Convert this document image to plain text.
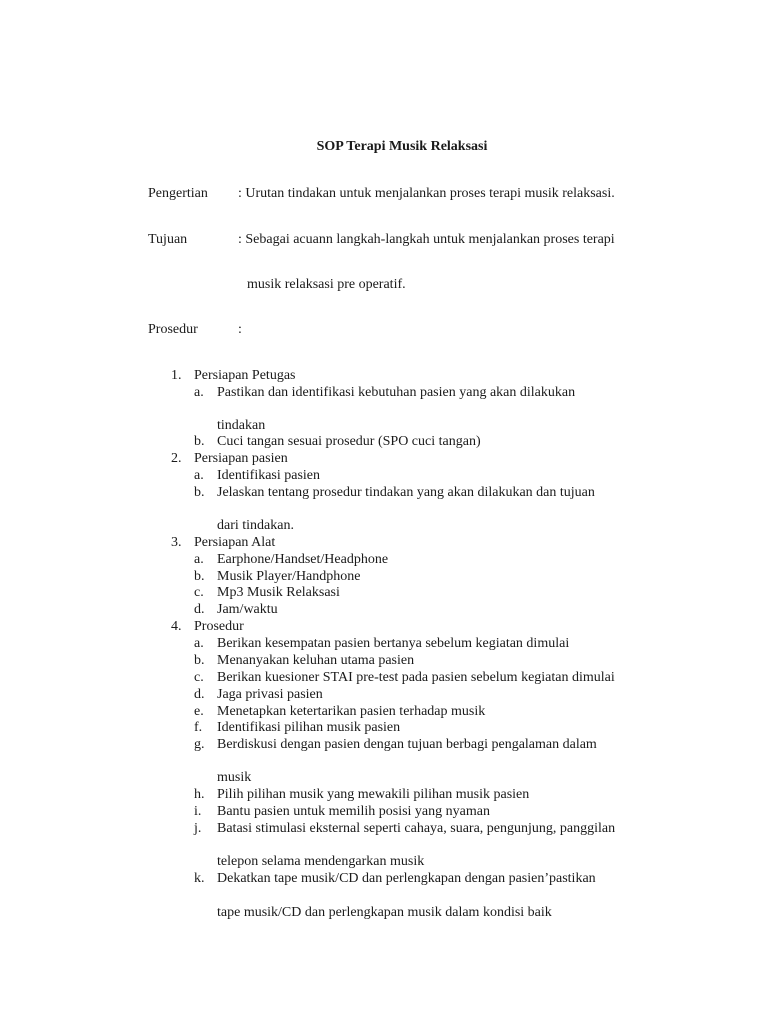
SOP Terapi Musik Relaksasi
Pengertian : Urutan tindakan untuk menjalankan proses terapi musik relaksasi.
Tujuan	: Sebagai acuann langkah-langkah untuk menjalankan proses terapi
musik relaksasi pre operatif.
Prosedur	:
1. Persiapan Petugas
a. Pastikan dan identifikasi kebutuhan pasien yang akan dilakukan
tindakan
b. Cuci tangan sesuai prosedur (SPO cuci tangan)
2. Persiapan pasien
a. Identifikasi pasien
b. Jelaskan tentang prosedur tindakan yang akan dilakukan dan tujuan
dari tindakan.
3. Persiapan Alat
a. Earphone/Handset/Headphone
b. Musik Player/Handphone
c. Mp3 Musik Relaksasi
d. Jam/waktu
4. Prosedur
a. Berikan kesempatan pasien bertanya sebelum kegiatan dimulai
b. Menanyakan keluhan utama pasien
c. Berikan kuesioner STAI pre-test pada pasien sebelum kegiatan dimulai
d. Jaga privasi pasien
e. Menetapkan ketertarikan pasien terhadap musik
f. Identifikasi pilihan musik pasien
g. Berdiskusi dengan pasien dengan tujuan berbagi pengalaman dalam
musik
h. Pilih pilihan musik yang mewakili pilihan musik pasien
i. Bantu pasien untuk memilih posisi yang nyaman
j. Batasi stimulasi eksternal seperti cahaya, suara, pengunjung, panggilan
telepon selama mendengarkan musik
k. Dekatkan tape musik/CD dan perlengkapan dengan pasien’pastikan
tape musik/CD dan perlengkapan musik dalam kondisi baik
